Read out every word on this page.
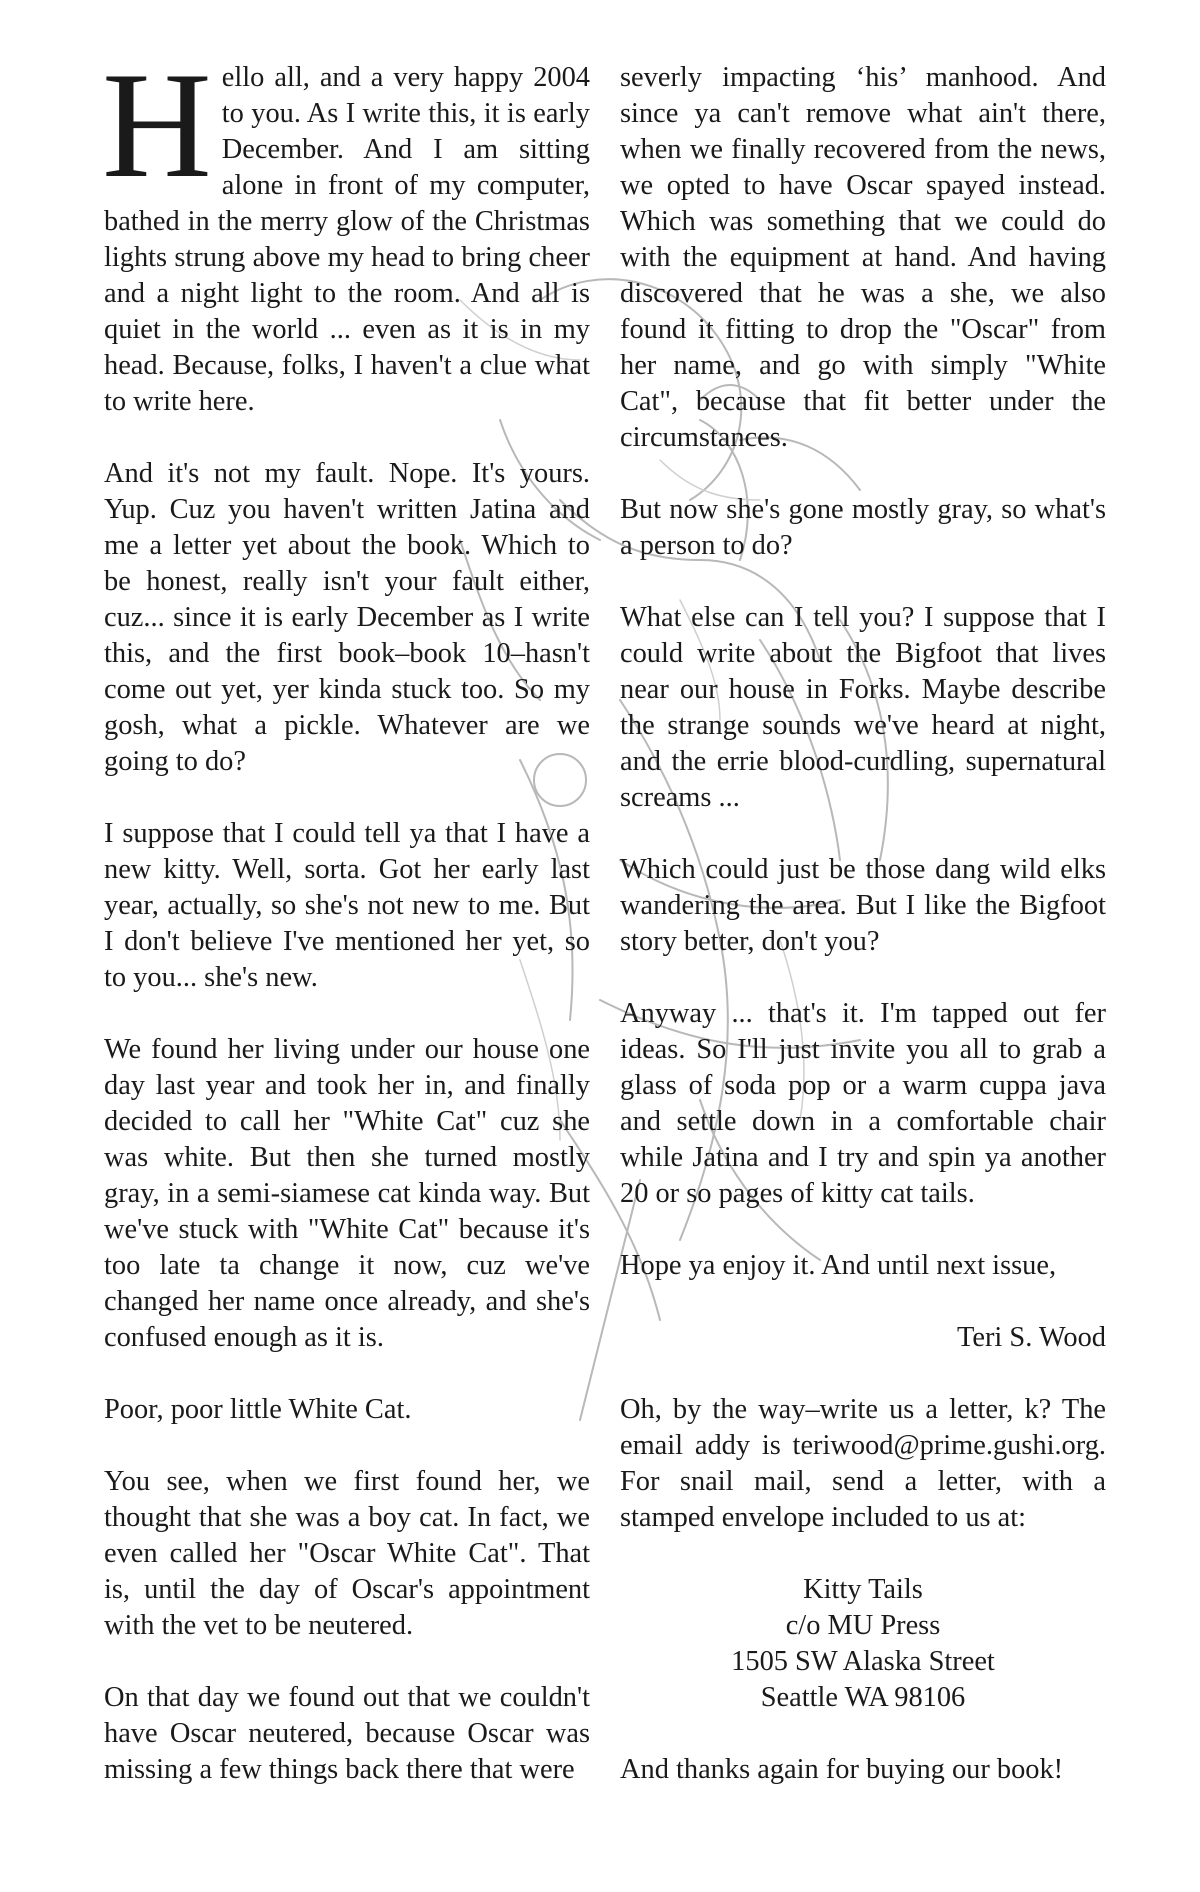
Hello all, and a very happy 2004 to you. As I write this, it is early December. And I am sitting alone in front of my computer, bathed in the merry glow of the Christmas lights strung above my head to bring cheer and a night light to the room. And all is quiet in the world ... even as it is in my head. Because, folks, I haven't a clue what to write here.

And it's not my fault. Nope. It's yours. Yup. Cuz you haven't written Jatina and me a letter yet about the book. Which to be honest, really isn't your fault either, cuz... since it is early December as I write this, and the first book–book 10–hasn't come out yet, yer kinda stuck too. So my gosh, what a pickle. Whatever are we going to do?

I suppose that I could tell ya that I have a new kitty. Well, sorta. Got her early last year, actually, so she's not new to me. But I don't believe I've mentioned her yet, so to you... she's new.

We found her living under our house one day last year and took her in, and finally decided to call her "White Cat" cuz she was white. But then she turned mostly gray, in a semi-siamese cat kinda way. But we've stuck with "White Cat" because it's too late ta change it now, cuz we've changed her name once already, and she's confused enough as it is.

Poor, poor little White Cat.

You see, when we first found her, we thought that she was a boy cat. In fact, we even called her "Oscar White Cat". That is, until the day of Oscar's appointment with the vet to be neutered.

On that day we found out that we couldn't have Oscar neutered, because Oscar was missing a few things back there that were

severly impacting ‘his’ manhood. And since ya can't remove what ain't there, when we finally recovered from the news, we opted to have Oscar spayed instead. Which was something that we could do with the equipment at hand. And having discovered that he was a she, we also found it fitting to drop the "Oscar" from her name, and go with simply "White Cat", because that fit better under the circumstances.

But now she's gone mostly gray, so what's a person to do?

What else can I tell you? I suppose that I could write about the Bigfoot that lives near our house in Forks. Maybe describe the strange sounds we've heard at night, and the errie blood-curdling, supernatural screams ...

Which could just be those dang wild elks wandering the area. But I like the Bigfoot story better, don't you?

Anyway ... that's it. I'm tapped out fer ideas. So I'll just invite you all to grab a glass of soda pop or a warm cuppa java and settle down in a comfortable chair while Jatina and I try and spin ya another 20 or so pages of kitty cat tails.

Hope ya enjoy it. And until next issue,

Teri S. Wood

Oh, by the way–write us a letter, k? The email addy is teriwood@prime.gushi.org. For snail mail, send a letter, with a stamped envelope included to us at:

Kitty Tails
c/o MU Press
1505 SW Alaska Street
Seattle WA 98106

And thanks again for buying our book!
